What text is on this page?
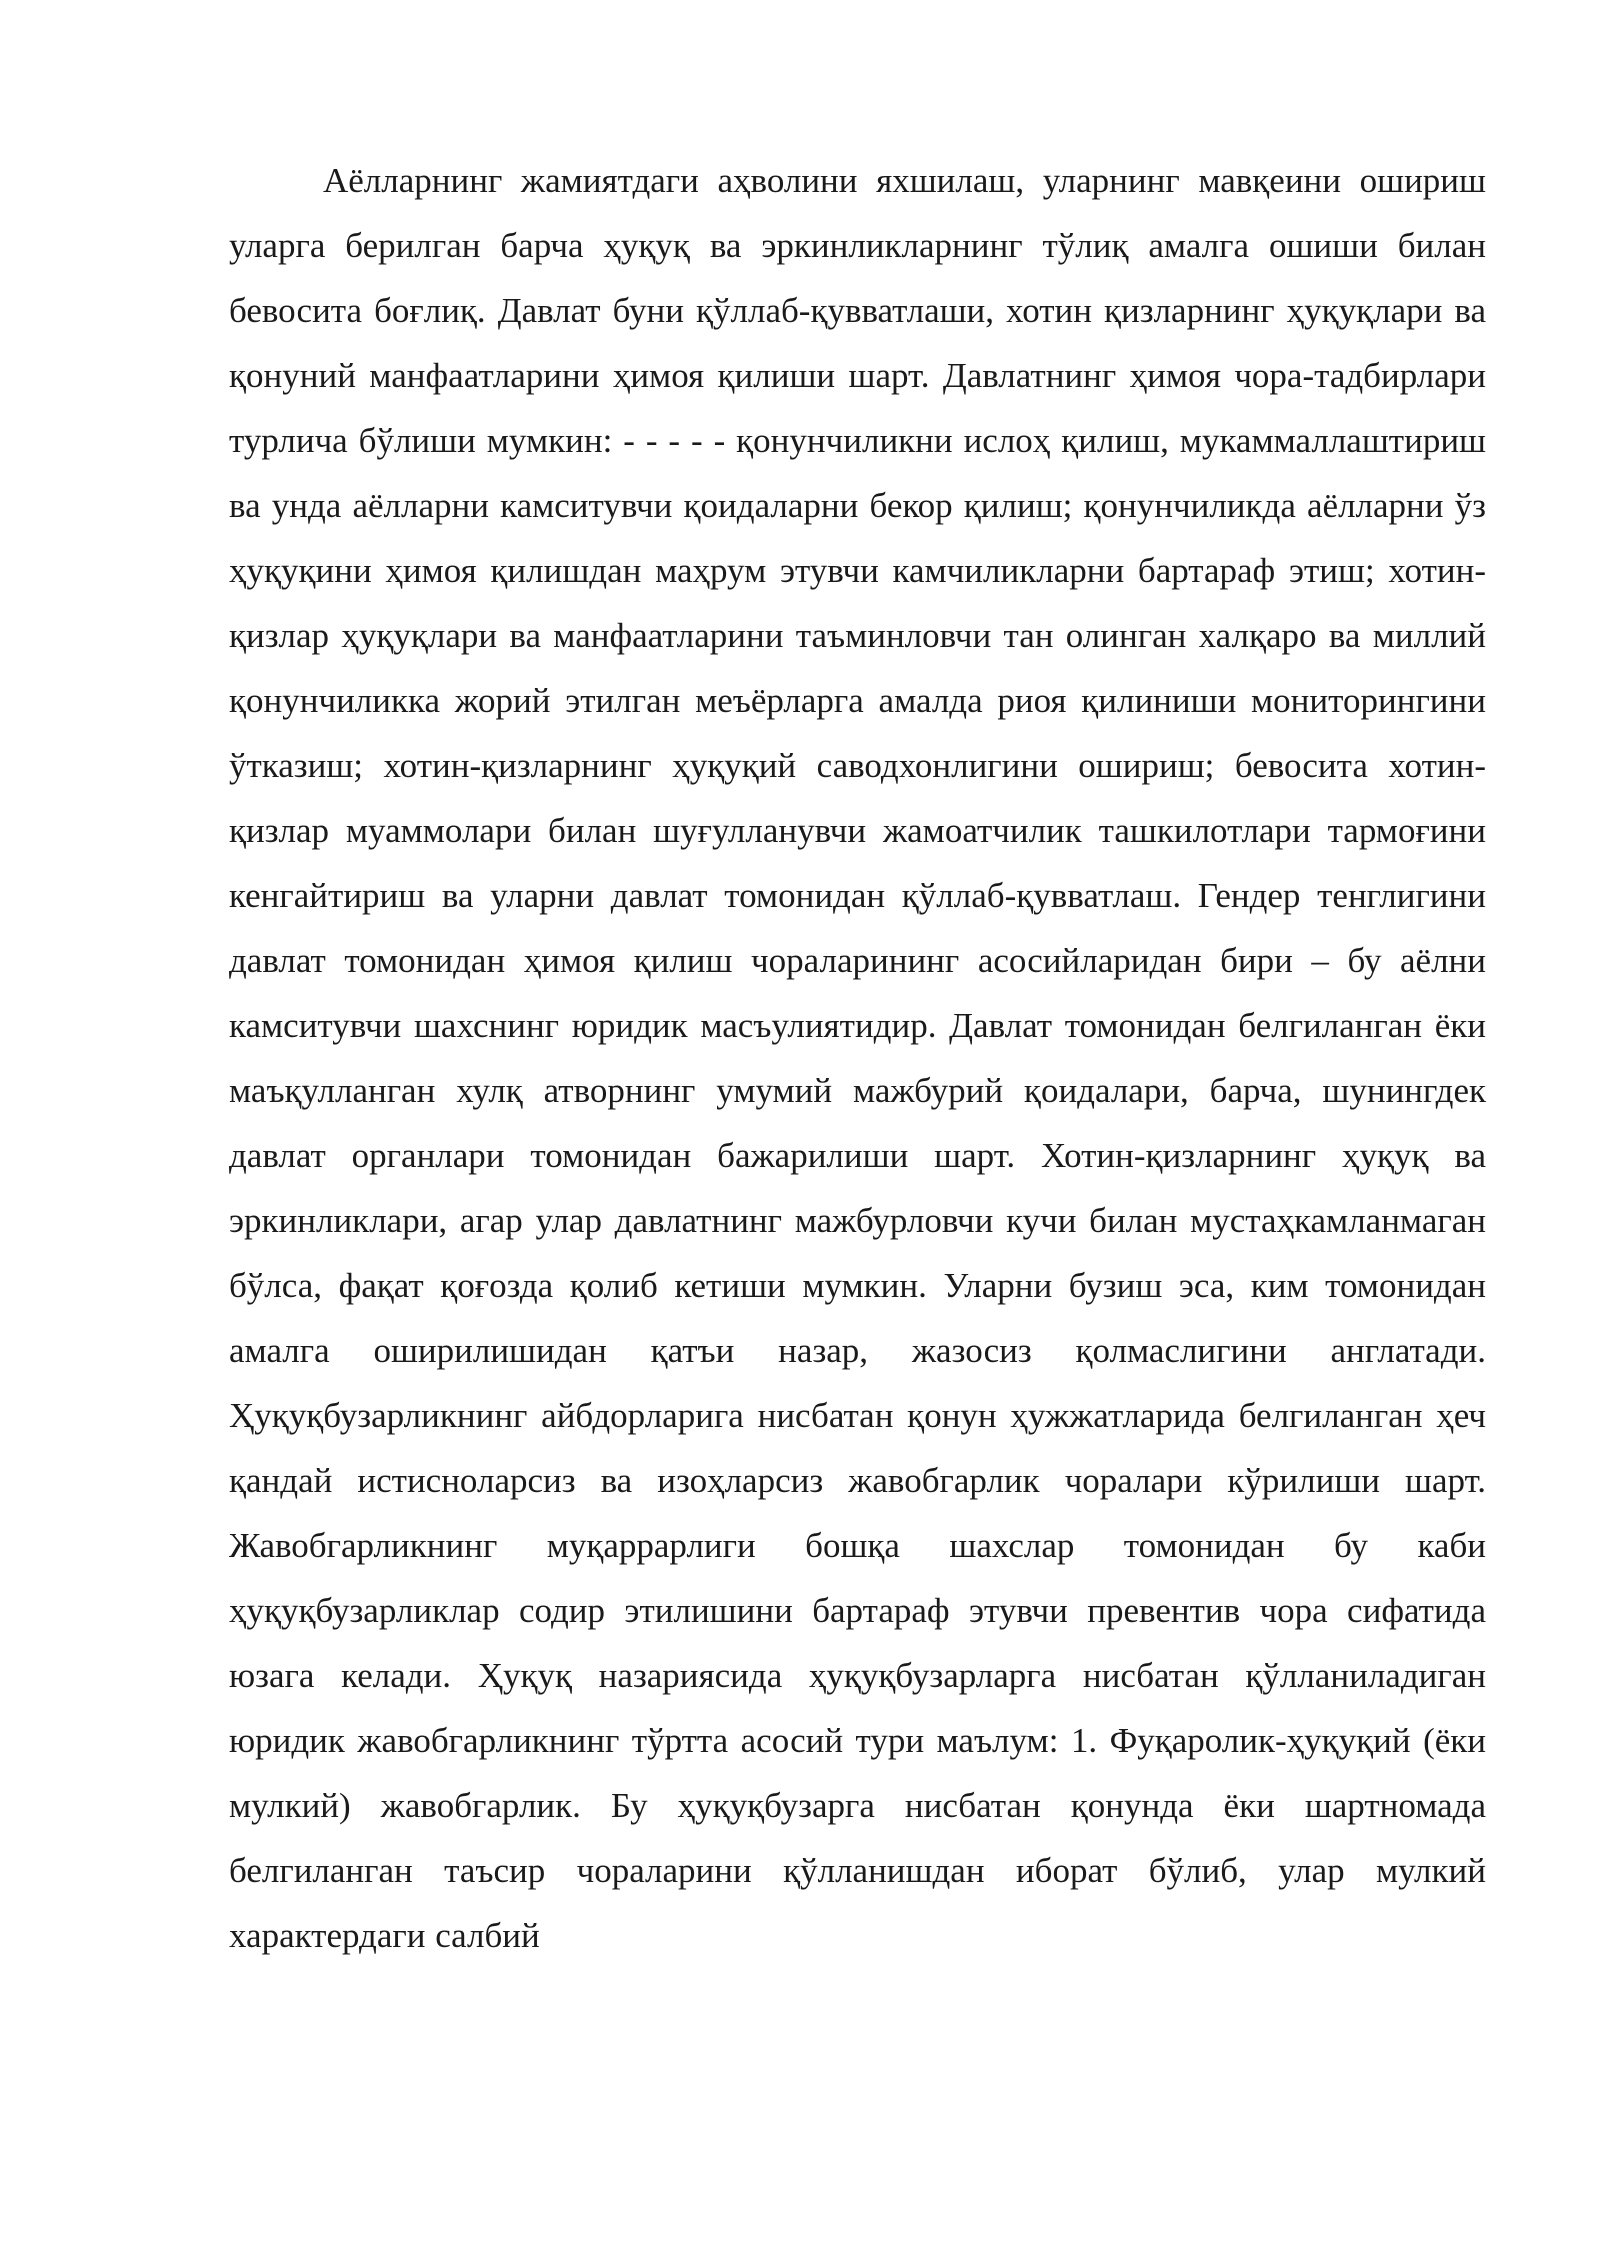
Аёлларнинг жамиятдаги аҳволини яхшилаш, уларнинг мавқеини ошириш уларга берилган барча ҳуқуқ ва эркинликларнинг тўлиқ амалга ошиши билан бевосита боғлиқ. Давлат буни қўллаб-қувватлаши, хотин қизларнинг ҳуқуқлари ва қонуний манфаатларини ҳимоя қилиши шарт. Давлатнинг ҳимоя чора-тадбирлари турлича бўлиши мумкин: - - - - - қонунчиликни ислоҳ қилиш, мукаммаллаштириш ва унда аёлларни камситувчи қоидаларни бекор қилиш; қонунчиликда аёлларни ўз ҳуқуқини ҳимоя қилишдан маҳрум этувчи камчиликларни бартараф этиш; хотин-қизлар ҳуқуқлари ва манфаатларини таъминловчи тан олинган халқаро ва миллий қонунчиликка жорий этилган меъёрларга амалда риоя қилиниши мониторингини ўтказиш; хотин-қизларнинг ҳуқуқий саводхонлигини ошириш; бевосита хотин-қизлар муаммолари билан шуғулланувчи жамоатчилик ташкилотлари тармоғини кенгайтириш ва уларни давлат томонидан қўллаб-қувватлаш. Гендер тенглигини давлат томонидан ҳимоя қилиш чораларининг асосийларидан бири – бу аёлни камситувчи шахснинг юридик масъулиятидир. Давлат томонидан белгиланган ёки маъқулланган хулқ атворнинг умумий мажбурий қоидалари, барча, шунингдек давлат органлари томонидан бажарилиши шарт. Хотин-қизларнинг ҳуқуқ ва эркинликлари, агар улар давлатнинг мажбурловчи кучи билан мустаҳкамланмаган бўлса, фақат қоғозда қолиб кетиши мумкин. Уларни бузиш эса, ким томонидан амалга оширилишидан қатъи назар, жазосиз қолмаслигини англатади. Ҳуқуқбузарликнинг айбдорларига нисбатан қонун ҳужжатларида белгиланган ҳеч қандай истисноларсиз ва изоҳларсиз жавобгарлик чоралари кўрилиши шарт. Жавобгарликнинг муқаррарлиги бошқа шахслар томонидан бу каби ҳуқуқбузарликлар содир этилишини бартараф этувчи превентив чора сифатида юзага келади. Ҳуқуқ назариясида ҳуқуқбузарларга нисбатан қўлланиладиган юридик жавобгарликнинг тўртта асосий тури маълум: 1. Фуқаролик-ҳуқуқий (ёки мулкий) жавобгарлик. Бу ҳуқуқбузарга нисбатан қонунда ёки шартномада белгиланган таъсир чораларини қўлланишдан иборат бўлиб, улар мулкий характердаги салбий
